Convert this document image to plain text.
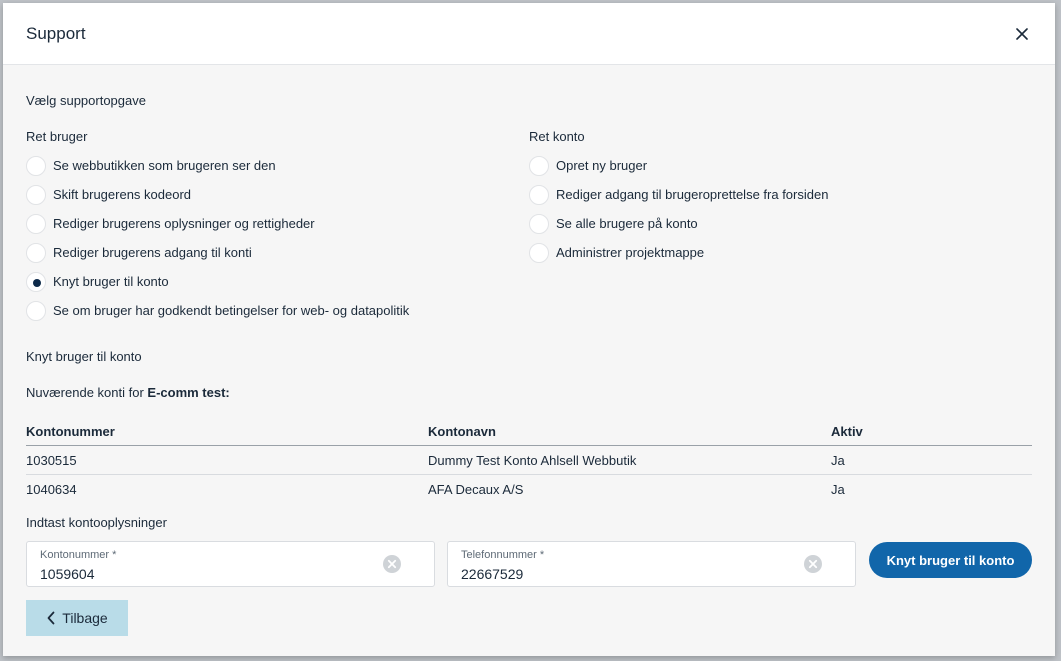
Support
Vælg supportopgave
Ret bruger
Se webbutikken som brugeren ser den
Skift brugerens kodeord
Rediger brugerens oplysninger og rettigheder
Rediger brugerens adgang til konti
Knyt bruger til konto
Se om bruger har godkendt betingelser for web- og datapolitik
Ret konto
Opret ny bruger
Rediger adgang til brugeroprettelse fra forsiden
Se alle brugere på konto
Administrer projektmappe
Knyt bruger til konto
Nuværende konti for E-comm test:
Kontonummer	Kontonavn	Aktiv
1030515	Dummy Test Konto Ahlsell Webbutik	Ja
1040634	AFA Decaux A/S	Ja
Indtast kontooplysninger
Kontonummer *
1059604
Telefonnummer *
22667529
Knyt bruger til konto
Tilbage
